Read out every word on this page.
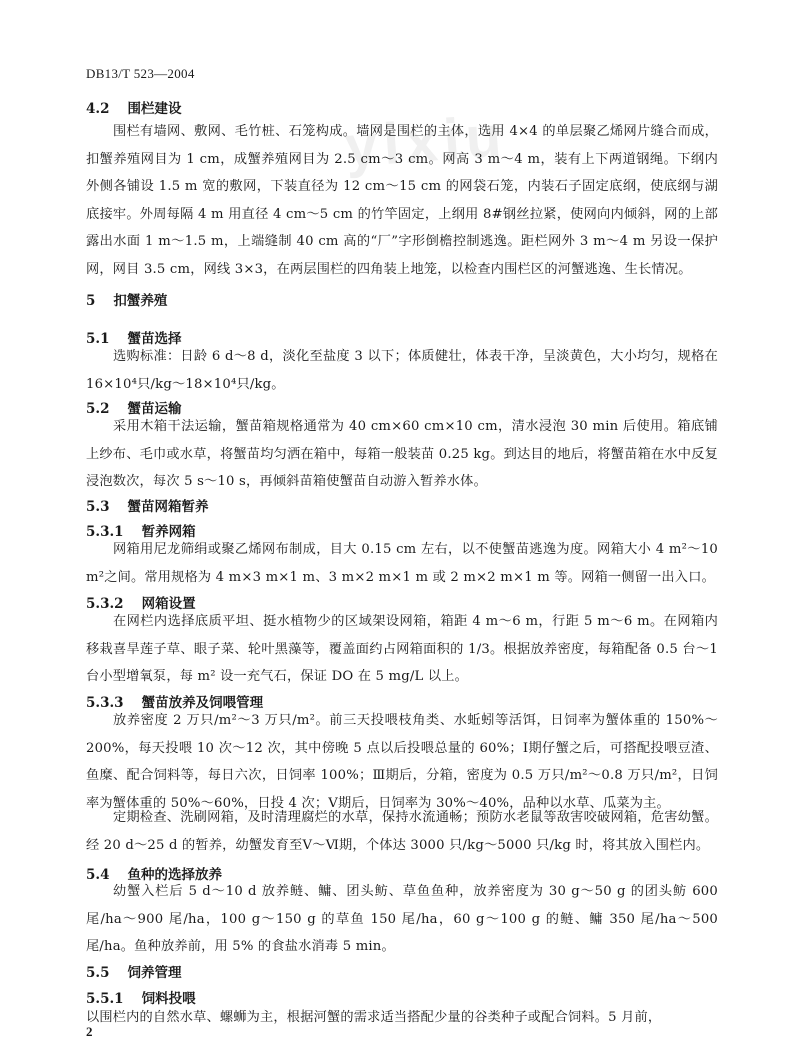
yixiu
DB13/T 523—2004
4.2 围栏建设
围栏有墙网、敷网、毛竹桩、石笼构成。墙网是围栏的主体，选用 4×4 的单层聚乙烯网片缝合而成，扣蟹养殖网目为 1 cm，成蟹养殖网目为 2.5 cm～3 cm。网高 3 m～4 m，装有上下两道钢绳。下纲内外侧各铺设 1.5 m 宽的敷网，下装直径为 12 cm～15 cm 的网袋石笼，内装石子固定底纲，使底纲与湖底接牢。外周每隔 4 m 用直径 4 cm～5 cm 的竹竿固定，上纲用 8#钢丝拉紧，使网向内倾斜，网的上部露出水面 1 m～1.5 m，上端缝制 40 cm 高的“厂”字形倒檐控制逃逸。距栏网外 3 m～4 m 另设一保护网，网目 3.5 cm，网线 3×3，在两层围栏的四角装上地笼，以检查内围栏区的河蟹逃逸、生长情况。
5 扣蟹养殖
5.1 蟹苗选择
选购标准：日龄 6 d～8 d，淡化至盐度 3 以下；体质健壮，体表干净，呈淡黄色，大小均匀，规格在 16×10⁴只/kg～18×10⁴只/kg。
5.2 蟹苗运输
采用木箱干法运输，蟹苗箱规格通常为 40 cm×60 cm×10 cm，清水浸泡 30 min 后使用。箱底铺上纱布、毛巾或水草，将蟹苗均匀洒在箱中，每箱一般装苗 0.25 kg。到达目的地后，将蟹苗箱在水中反复浸泡数次，每次 5 s～10 s，再倾斜苗箱使蟹苗自动游入暂养水体。
5.3 蟹苗网箱暂养
5.3.1 暂养网箱
网箱用尼龙筛绢或聚乙烯网布制成，目大 0.15 cm 左右，以不使蟹苗逃逸为度。网箱大小 4 m²～10 m²之间。常用规格为 4 m×3 m×1 m、3 m×2 m×1 m 或 2 m×2 m×1 m 等。网箱一侧留一出入口。
5.3.2 网箱设置
在网栏内选择底质平坦、挺水植物少的区域架设网箱，箱距 4 m～6 m，行距 5 m～6 m。在网箱内移栽喜旱莲子草、眼子菜、轮叶黑藻等，覆盖面约占网箱面积的 1/3。根据放养密度，每箱配备 0.5 台～1 台小型增氧泵，每 m² 设一充气石，保证 DO 在 5 mg/L 以上。
5.3.3 蟹苗放养及饲喂管理
放养密度 2 万只/m²～3 万只/m²。前三天投喂枝角类、水蚯蚓等活饵，日饲率为蟹体重的 150%～200%，每天投喂 10 次～12 次，其中傍晚 5 点以后投喂总量的 60%；Ⅰ期仔蟹之后，可搭配投喂豆渣、鱼糜、配合饲料等，每日六次，日饲率 100%；Ⅲ期后，分箱，密度为 0.5 万只/m²～0.8 万只/m²，日饲率为蟹体重的 50%～60%，日投 4 次；Ⅴ期后，日饲率为 30%～40%，品种以水草、瓜菜为主。
定期检查、洗刷网箱，及时清理腐烂的水草，保持水流通畅；预防水老鼠等敌害咬破网箱，危害幼蟹。经 20 d～25 d 的暂养，幼蟹发育至Ⅴ～Ⅵ期，个体达 3000 只/kg～5000 只/kg 时，将其放入围栏内。
5.4 鱼种的选择放养
幼蟹入栏后 5 d～10 d 放养鲢、鳙、团头鲂、草鱼鱼种，放养密度为 30 g～50 g 的团头鲂 600 尾/ha～900 尾/ha，100 g～150 g 的草鱼 150 尾/ha，60 g～100 g 的鲢、鳙 350 尾/ha～500 尾/ha。鱼种放养前，用 5% 的食盐水消毒 5 min。
5.5 饲养管理
5.5.1 饲料投喂
以围栏内的自然水草、螺蛳为主，根据河蟹的需求适当搭配少量的谷类种子或配合饲料。5 月前，
2
